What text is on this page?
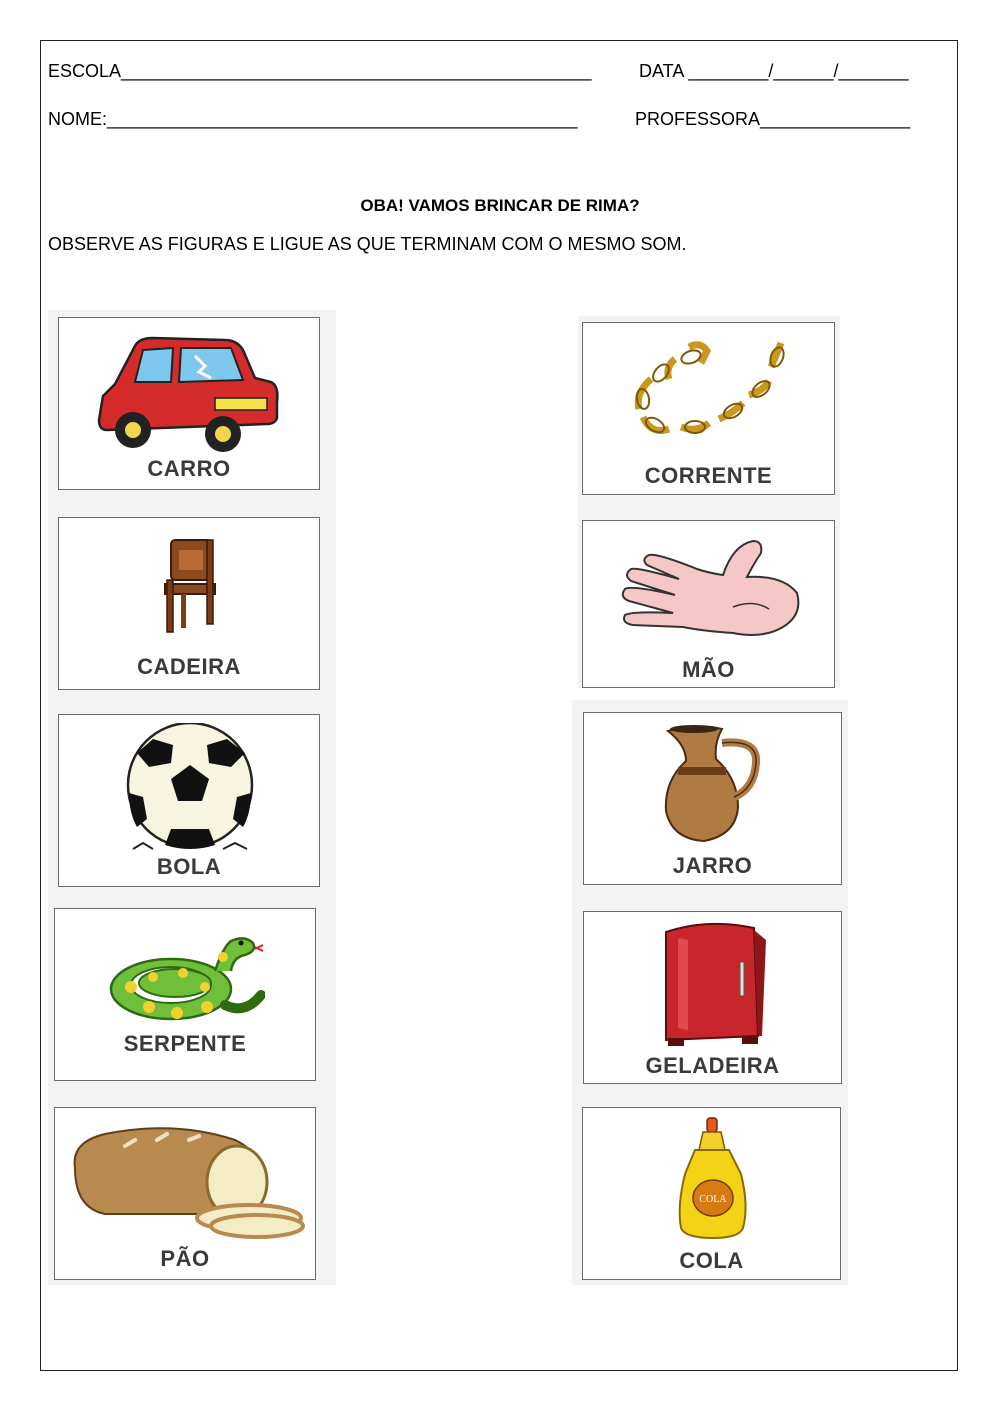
ESCOLA_______________________________________________	DATA ________/______/_______
NOME:_______________________________________________	PROFESSORA_______________
OBA! VAMOS BRINCAR DE RIMA?
OBSERVE AS FIGURAS E LIGUE AS QUE TERMINAM COM O MESMO SOM.
CARRO
CADEIRA
BOLA
SERPENTE
PÃO
CORRENTE
MÃO
JARRO
GELADEIRA
COLA
COLA
